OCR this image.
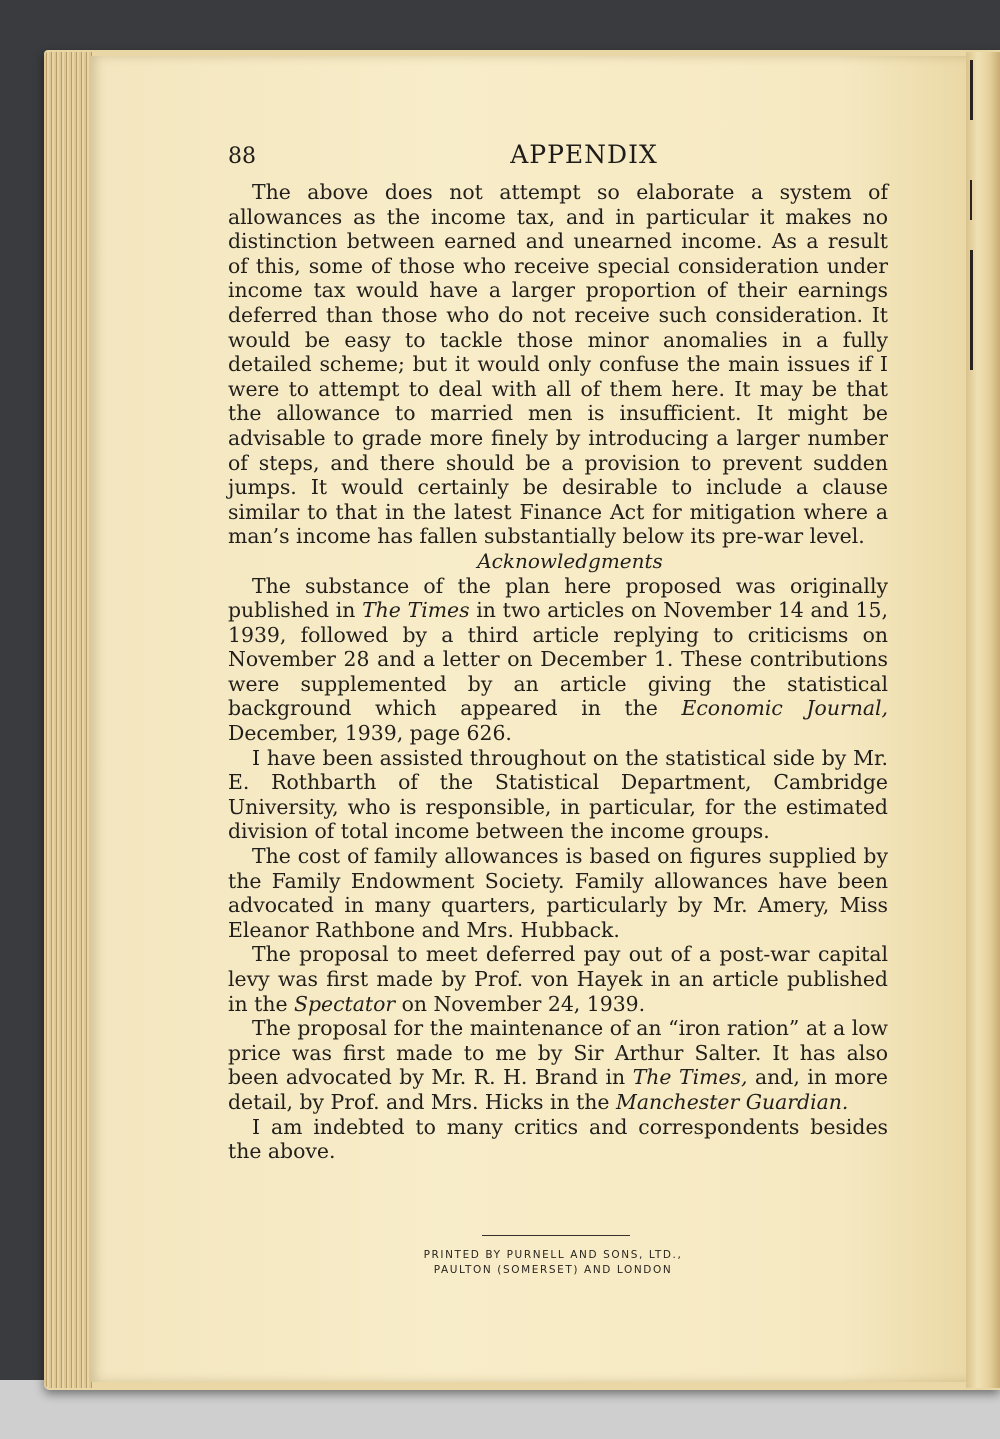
88	APPENDIX

The above does not attempt so elaborate a system of allowances as the income tax, and in particular it makes no distinction between earned and unearned income. As a result of this, some of those who receive special consideration under income tax would have a larger proportion of their earnings deferred than those who do not receive such consideration. It would be easy to tackle those minor anomalies in a fully detailed scheme; but it would only confuse the main issues if I were to attempt to deal with all of them here. It may be that the allowance to married men is insufficient. It might be advisable to grade more finely by introducing a larger number of steps, and there should be a provision to prevent sudden jumps. It would certainly be desirable to include a clause similar to that in the latest Finance Act for mitigation where a man’s income has fallen substantially below its pre-war level.

Acknowledgments

The substance of the plan here proposed was originally published in The Times in two articles on November 14 and 15, 1939, followed by a third article replying to criticisms on November 28 and a letter on December 1. These contributions were supplemented by an article giving the statistical background which appeared in the Economic Journal, December, 1939, page 626.

I have been assisted throughout on the statistical side by Mr. E. Rothbarth of the Statistical Department, Cambridge University, who is responsible, in particular, for the estimated division of total income between the income groups.

The cost of family allowances is based on figures supplied by the Family Endowment Society. Family allowances have been advocated in many quarters, particularly by Mr. Amery, Miss Eleanor Rathbone and Mrs. Hubback.

The proposal to meet deferred pay out of a post-war capital levy was first made by Prof. von Hayek in an article published in the Spectator on November 24, 1939.

The proposal for the maintenance of an “iron ration” at a low price was first made to me by Sir Arthur Salter. It has also been advocated by Mr. R. H. Brand in The Times, and, in more detail, by Prof. and Mrs. Hicks in the Manchester Guardian.

I am indebted to many critics and correspondents besides the above.

PRINTED BY PURNELL AND SONS, LTD.,
PAULTON (SOMERSET) AND LONDON
